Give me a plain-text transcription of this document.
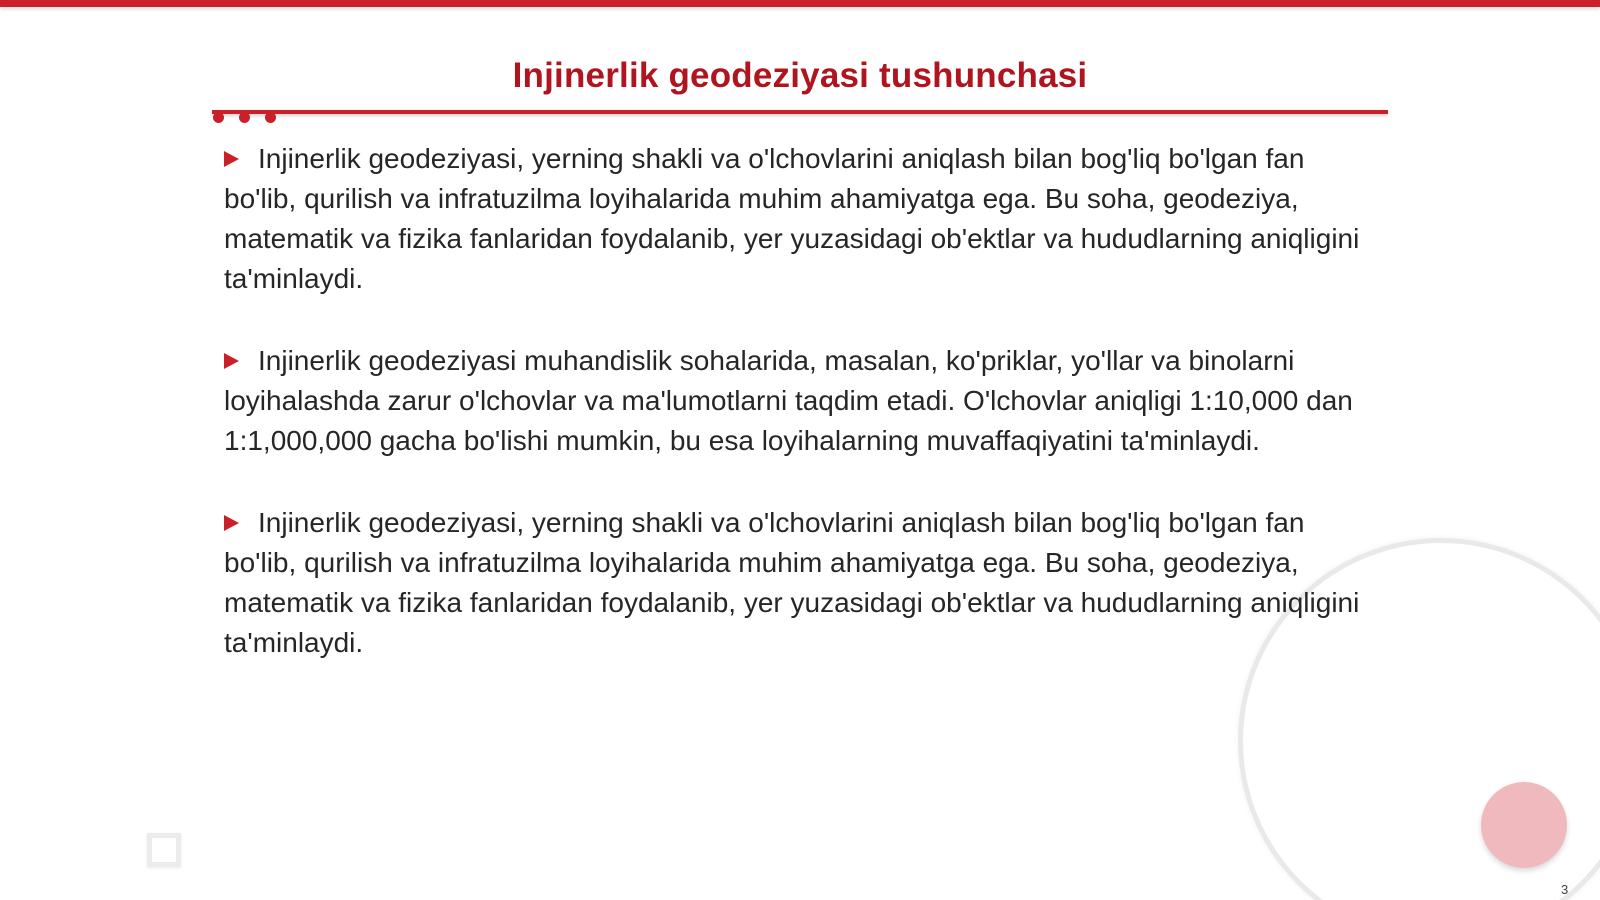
Injinerlik geodeziyasi tushunchasi

Injinerlik geodeziyasi, yerning shakli va o'lchovlarini aniqlash bilan bog'liq bo'lgan fan bo'lib, qurilish va infratuzilma loyihalarida muhim ahamiyatga ega. Bu soha, geodeziya, matematik va fizika fanlaridan foydalanib, yer yuzasidagi ob'ektlar va hududlarning aniqligini ta'minlaydi.

Injinerlik geodeziyasi muhandislik sohalarida, masalan, ko'priklar, yo'llar va binolarni loyihalashda zarur o'lchovlar va ma'lumotlarni taqdim etadi. O'lchovlar aniqligi 1:10,000 dan 1:1,000,000 gacha bo'lishi mumkin, bu esa loyihalarning muvaffaqiyatini ta'minlaydi.

Injinerlik geodeziyasi, yerning shakli va o'lchovlarini aniqlash bilan bog'liq bo'lgan fan bo'lib, qurilish va infratuzilma loyihalarida muhim ahamiyatga ega. Bu soha, geodeziya, matematik va fizika fanlaridan foydalanib, yer yuzasidagi ob'ektlar va hududlarning aniqligini ta'minlaydi.

3
